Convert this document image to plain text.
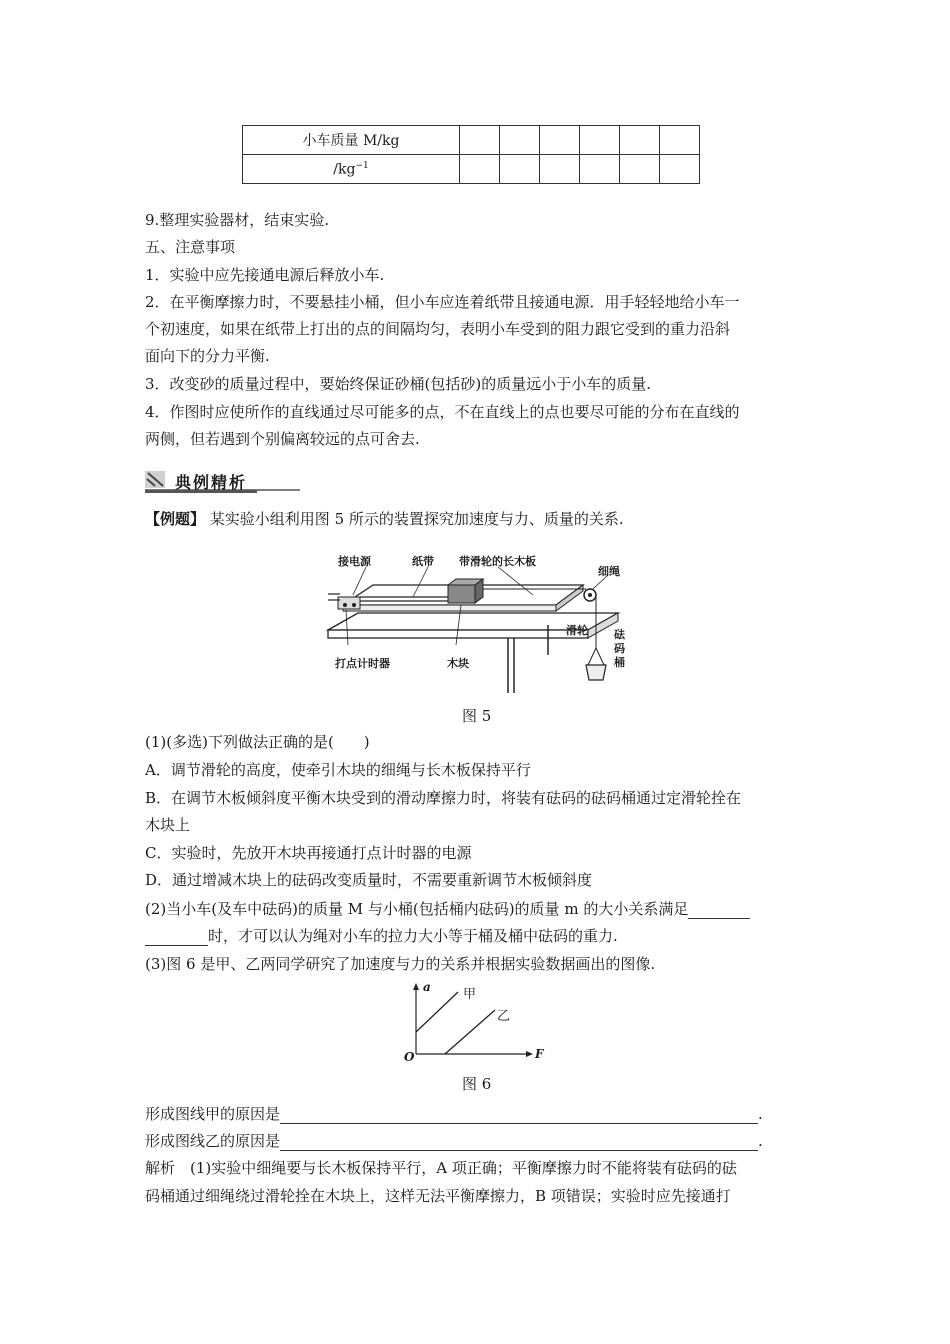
小车质量 M/kg						
$/kg^{-1}$						
9.整理实验器材，结束实验.
五、注意事项
1．实验中应先接通电源后释放小车.
2．在平衡摩擦力时，不要悬挂小桶，但小车应连着纸带且接通电源．用手轻轻地给小车一
个初速度，如果在纸带上打出的点的间隔均匀，表明小车受到的阻力跟它受到的重力沿斜
面向下的分力平衡.
3．改变砂的质量过程中，要始终保证砂桶(包括砂)的质量远小于小车的质量.
4．作图时应使所作的直线通过尽可能多的点，不在直线上的点也要尽可能的分布在直线的
两侧，但若遇到个别偏离较远的点可舍去.
典例精析
【例题】 某实验小组利用图 5 所示的装置探究加速度与力、质量的关系.
接电源	纸带 带滑轮的长木板
细绳
滑轮 砝
码
桶
打点计时器	木块
图 5
(1)(多选)下列做法正确的是(　　)
A．调节滑轮的高度，使牵引木块的细绳与长木板保持平行
B．在调节木板倾斜度平衡木块受到的滑动摩擦力时，将装有砝码的砝码桶通过定滑轮拴在
木块上
C．实验时，先放开木块再接通打点计时器的电源
D．通过增减木块上的砝码改变质量时，不需要重新调节木板倾斜度
(2)当小车(及车中砝码)的质量 M 与小桶(包括桶内砝码)的质量 m 的大小关系满足
时，才可以认为绳对小车的拉力大小等于桶及桶中砝码的重力.
(3)图 6 是甲、乙两同学研究了加速度与力的关系并根据实验数据画出的图像.
a
F
O
甲
乙
图 6
形成图线甲的原因是	.
形成图线乙的原因是	.
解析　(1)实验中细绳要与长木板保持平行，A 项正确；平衡摩擦力时不能将装有砝码的砝
码桶通过细绳绕过滑轮拴在木块上，这样无法平衡摩擦力，B 项错误；实验时应先接通打
